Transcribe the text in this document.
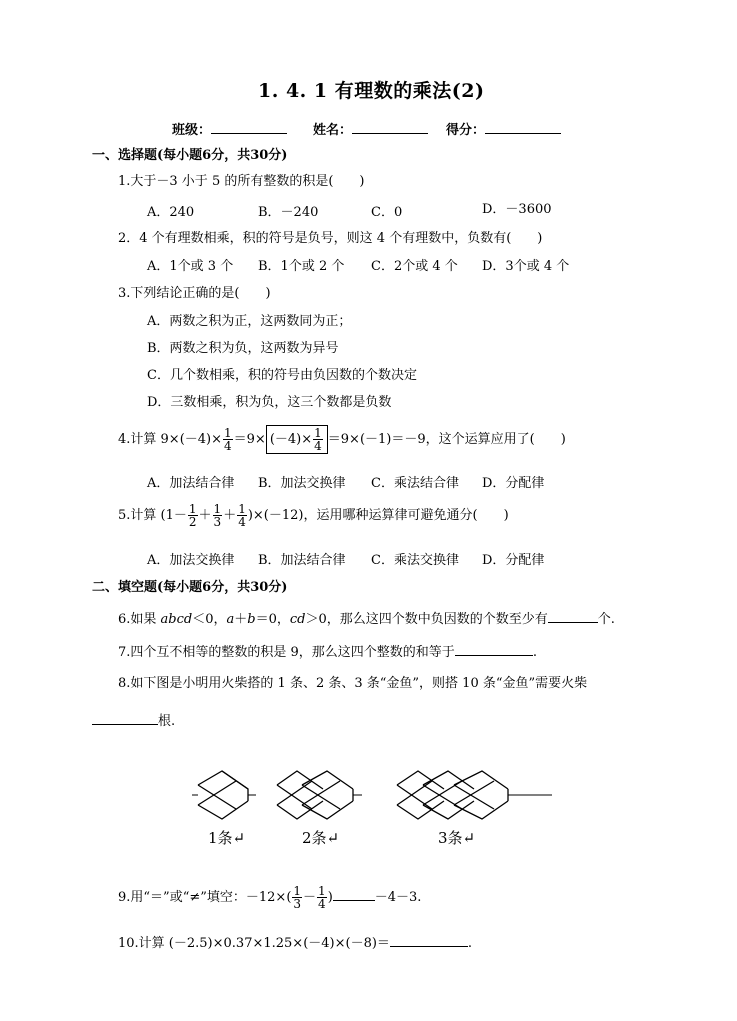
1. 4. 1 有理数的乘法(2)
班级：	姓名：	得分：
一、选择题(每小题6分，共30分)
1.大于－3 小于 5 的所有整数的积是(　　)
A．240	B．－240	C．0	D．－3600
2．4 个有理数相乘，积的符号是负号，则这 4 个有理数中，负数有(　　)
A．1个或 3 个 B．1个或 2 个 C．2个或 4 个 D．3个或 4 个
3.下列结论正确的是(　　)
A．两数之积为正，这两数同为正；
B．两数之积为负，这两数为异号
C．几个数相乘，积的符号由负因数的个数决定
D．三数相乘，积为负，这三个数都是负数
4.计算 $9\times(-4)\times \frac{1}{4} =9\times (-4)\times \frac{1}{4} =9\times(-1)=-9$，这个运算应用了(　　)
A．加法结合律 B．加法交换律 C．乘法结合律 D．分配律
5.计算 $(1- \frac{1}{2} + \frac{1}{3} + \frac{1}{4} )\times(-12)$，运用哪种运算律可避免通分(　　)
A．加法交换律 B．加法结合律 C．乘法交换律 D．分配律
二、填空题(每小题6分，共30分)
6.如果 abcd＜0，a＋b＝0，cd＞0，那么这四个数中负因数的个数至少有	个.
7.四个互不相等的整数的积是 9，那么这四个整数的和等于	.
8.如下图是小明用火柴搭的 1 条、2 条、3 条“金鱼”，则搭 10 条“金鱼”需要火柴
根.
1条↵	2条↵	3条↵
9.用“＝”或“≠”填空：$-12\times( \frac{1}{3} - \frac{1}{4}$ )	－4－3.
10.计算 (－2.5)×0.37×1.25×(－4)×(－8)＝	.
